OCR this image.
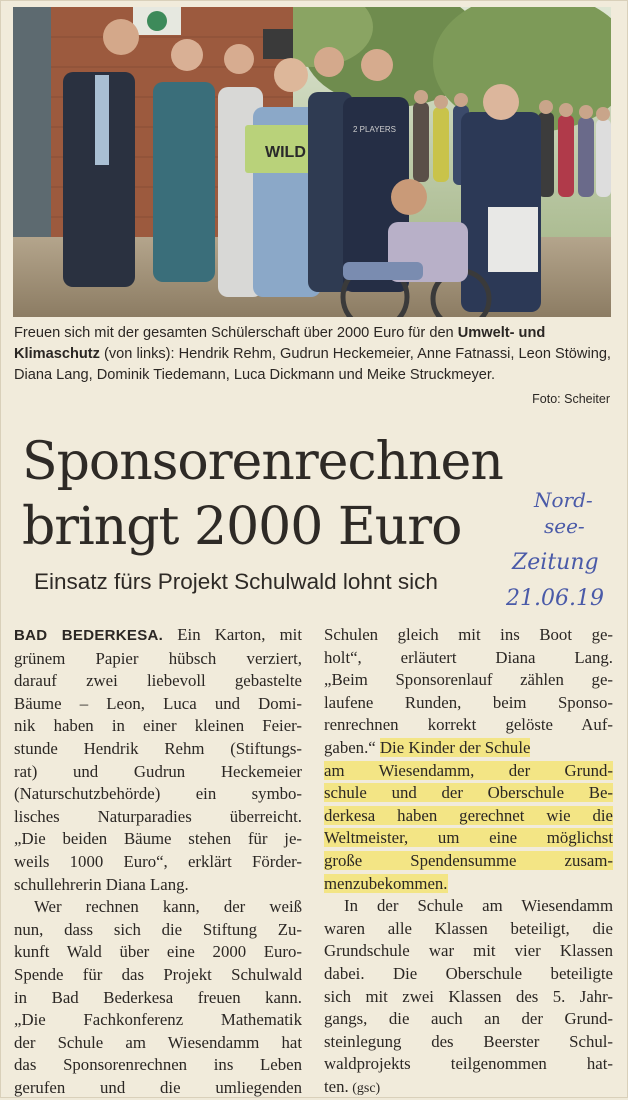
WILD
2 PLAYERS
Freuen sich mit der gesamten Schülerschaft über 2000 Euro für den Umwelt- und Klimaschutz (von links): Hendrik Rehm, Gudrun Heckemeier, Anne Fatnassi, Leon Stöwing, Diana Lang, Dominik Tiedemann, Luca Dickmann und Meike Struckmeyer.
Foto: Scheiter
Sponsorenrechnen
bringt 2000 Euro
Einsatz fürs Projekt Schulwald lohnt sich
Nord-
see-
Zeitung
21.06.19
BAD BEDERKESA. Ein Karton, mit
grünem Papier hübsch verziert,
darauf zwei liebevoll gebastelte
Bäume – Leon, Luca und Domi-
nik haben in einer kleinen Feier-
stunde Hendrik Rehm (Stiftungs-
rat) und Gudrun Heckemeier
(Naturschutzbehörde) ein symbo-
lisches Naturparadies überreicht.
„Die beiden Bäume stehen für je-
weils 1000 Euro“, erklärt Förder-
schullehrerin Diana Lang.
Wer rechnen kann, der weiß
nun, dass sich die Stiftung Zu-
kunft Wald über eine 2000 Euro-
Spende für das Projekt Schulwald
in Bad Bederkesa freuen kann.
„Die Fachkonferenz Mathematik
der Schule am Wiesendamm hat
das Sponsorenrechnen ins Leben
gerufen und die umliegenden
Schulen gleich mit ins Boot ge-
holt“, erläutert Diana Lang.
„Beim Sponsorenlauf zählen ge-
laufene Runden, beim Sponso-
renrechnen korrekt gelöste Auf-
gaben.“ Die Kinder der Schule
am Wiesendamm, der Grund-
schule und der Oberschule Be-
derkesa haben gerechnet wie die
Weltmeister, um eine möglichst
große Spendensumme zusam-
menzubekommen.
In der Schule am Wiesendamm
waren alle Klassen beteiligt, die
Grundschule war mit vier Klassen
dabei. Die Oberschule beteiligte
sich mit zwei Klassen des 5. Jahr-
gangs, die auch an der Grund-
steinlegung des Beerster Schul-
waldprojekts teilgenommen hat-
ten. (gsc)
